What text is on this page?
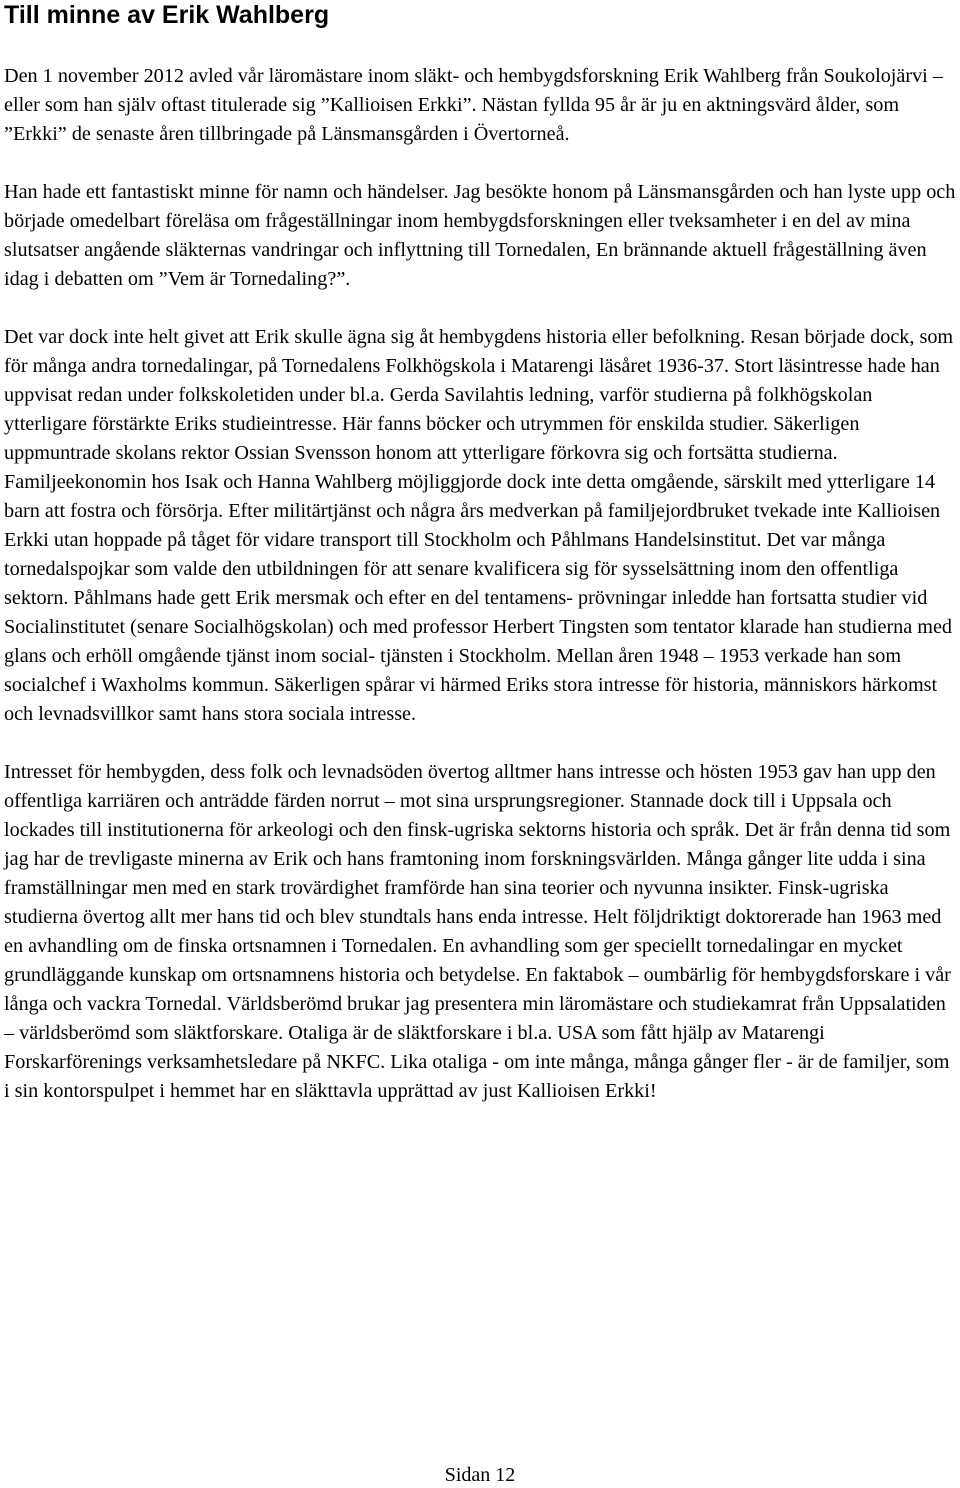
Till minne av Erik Wahlberg

Den 1 november 2012 avled vår läromästare inom släkt- och hembygdsforskning Erik Wahlberg från Soukolojärvi – eller som han själv oftast titulerade sig ”Kallioisen Erkki”. Nästan fyllda 95 år är ju en aktningsvärd ålder, som ”Erkki” de senaste åren tillbringade på Länsmansgården i Övertorneå.

Han hade ett fantastiskt minne för namn och händelser. Jag besökte honom på Länsmansgården och han lyste upp och började omedelbart föreläsa om frågeställningar inom hembygdsforskningen eller tveksamheter i en del av mina slutsatser angående släkternas vandringar och inflyttning till Tornedalen, En brännande aktuell frågeställning även idag i debatten om ”Vem är Tornedaling?”.

Det var dock inte helt givet att Erik skulle ägna sig åt hembygdens historia eller befolkning. Resan började dock, som för många andra tornedalingar, på Tornedalens Folkhögskola i Matarengi läsåret 1936-37. Stort läsintresse hade han uppvisat redan under folkskoletiden under bl.a. Gerda Savilahtis ledning, varför studierna på folkhögskolan ytterligare förstärkte Eriks studieintresse. Här fanns böcker och utrymmen för enskilda studier. Säkerligen uppmuntrade skolans rektor Ossian Svensson honom att ytterligare förkovra sig och fortsätta studierna. Familjeekonomin hos Isak och Hanna Wahlberg möjliggjorde dock inte detta omgående, särskilt med ytterligare 14 barn att fostra och försörja. Efter militärtjänst och några års medverkan på familjejordbruket tvekade inte Kallioisen Erkki utan hoppade på tåget för vidare transport till Stockholm och Påhlmans Handelsinstitut. Det var många tornedalspojkar som valde den utbildningen för att senare kvalificera sig för sysselsättning inom den offentliga sektorn. Påhlmans hade gett Erik mersmak och efter en del tentamens- prövningar inledde han fortsatta studier vid Socialinstitutet (senare Socialhögskolan) och med professor Herbert Tingsten som tentator klarade han studierna med glans och erhöll omgående tjänst inom social- tjänsten i Stockholm. Mellan åren 1948 – 1953 verkade han som socialchef i Waxholms kommun. Säkerligen spårar vi härmed Eriks stora intresse för historia, människors härkomst och levnadsvillkor samt hans stora sociala intresse.

Intresset för hembygden, dess folk och levnadsöden övertog alltmer hans intresse och hösten 1953 gav han upp den offentliga karriären och anträdde färden norrut – mot sina ursprungsregioner. Stannade dock till i Uppsala och lockades till institutionerna för arkeologi och den finsk-ugriska sektorns historia och språk. Det är från denna tid som jag har de trevligaste minerna av Erik och hans framtoning inom forskningsvärlden. Många gånger lite udda i sina framställningar men med en stark trovärdighet framförde han sina teorier och nyvunna insikter. Finsk-ugriska studierna övertog allt mer hans tid och blev stundtals hans enda intresse. Helt följdriktigt doktorerade han 1963 med en avhandling om de finska ortsnamnen i Tornedalen. En avhandling som ger speciellt tornedalingar en mycket grundläggande kunskap om ortsnamnens historia och betydelse. En faktabok – oumbärlig för hembygdsforskare i vår långa och vackra Tornedal. Världsberömd brukar jag presentera min läromästare och studiekamrat från Uppsalatiden – världsberömd som släktforskare. Otaliga är de släktforskare i bl.a. USA som fått hjälp av Matarengi Forskarförenings verksamhetsledare på NKFC. Lika otaliga - om inte många, många gånger fler - är de familjer, som i sin kontorspulpet i hemmet har en släkttavla upprättad av just Kallioisen Erkki!

Sidan 12
